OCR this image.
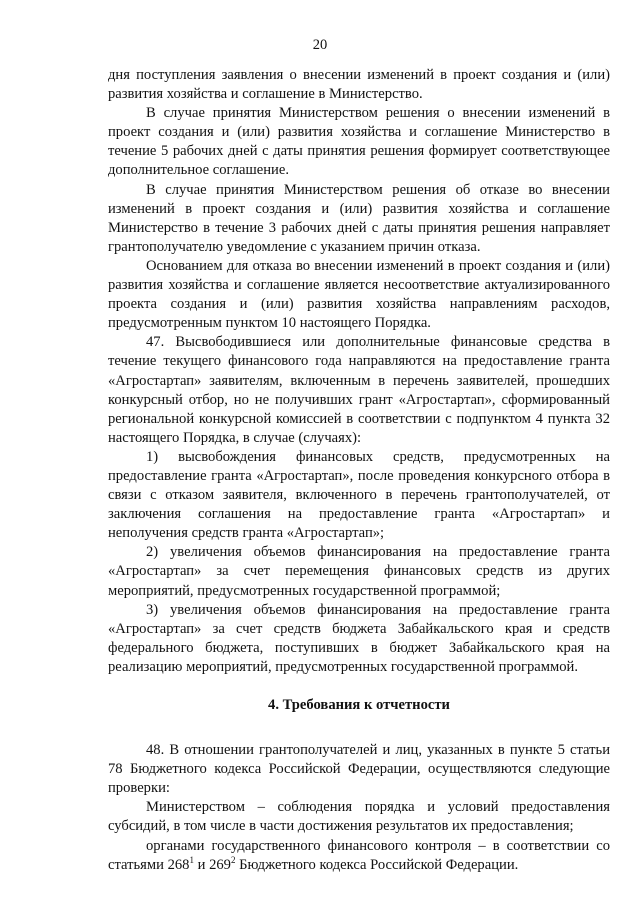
20

дня поступления заявления о внесении изменений в проект создания и (или) развития хозяйства и соглашение в Министерство.

В случае принятия Министерством решения о внесении изменений в проект создания и (или) развития хозяйства и соглашение Министерство в течение 5 рабочих дней с даты принятия решения формирует соответствующее дополнительное соглашение.

В случае принятия Министерством решения об отказе во внесении изменений в проект создания и (или) развития хозяйства и соглашение Министерство в течение 3 рабочих дней с даты принятия решения направляет грантополучателю уведомление с указанием причин отказа.

Основанием для отказа во внесении изменений в проект создания и (или) развития хозяйства и соглашение является несоответствие актуализированного проекта создания и (или) развития хозяйства направлениям расходов, предусмотренным пунктом 10 настоящего Порядка.

47. Высвободившиеся или дополнительные финансовые средства в течение текущего финансового года направляются на предоставление гранта «Агростартап» заявителям, включенным в перечень заявителей, прошедших конкурсный отбор, но не получивших грант «Агростартап», сформированный региональной конкурсной комиссией в соответствии с подпунктом 4 пункта 32 настоящего Порядка, в случае (случаях):

1) высвобождения финансовых средств, предусмотренных на предоставление гранта «Агростартап», после проведения конкурсного отбора в связи с отказом заявителя, включенного в перечень грантополучателей, от заключения соглашения на предоставление гранта «Агростартап» и неполучения средств гранта «Агростартап»;

2) увеличения объемов финансирования на предоставление гранта «Агростартап» за счет перемещения финансовых средств из других мероприятий, предусмотренных государственной программой;

3) увеличения объемов финансирования на предоставление гранта «Агростартап» за счет средств бюджета Забайкальского края и средств федерального бюджета, поступивших в бюджет Забайкальского края на реализацию мероприятий, предусмотренных государственной программой.

4. Требования к отчетности

48. В отношении грантополучателей и лиц, указанных в пункте 5 статьи 78 Бюджетного кодекса Российской Федерации, осуществляются следующие проверки:

Министерством – соблюдения порядка и условий предоставления субсидий, в том числе в части достижения результатов их предоставления;

органами государственного финансового контроля – в соответствии со статьями $268^1$ и $269^2$ Бюджетного кодекса Российской Федерации.
